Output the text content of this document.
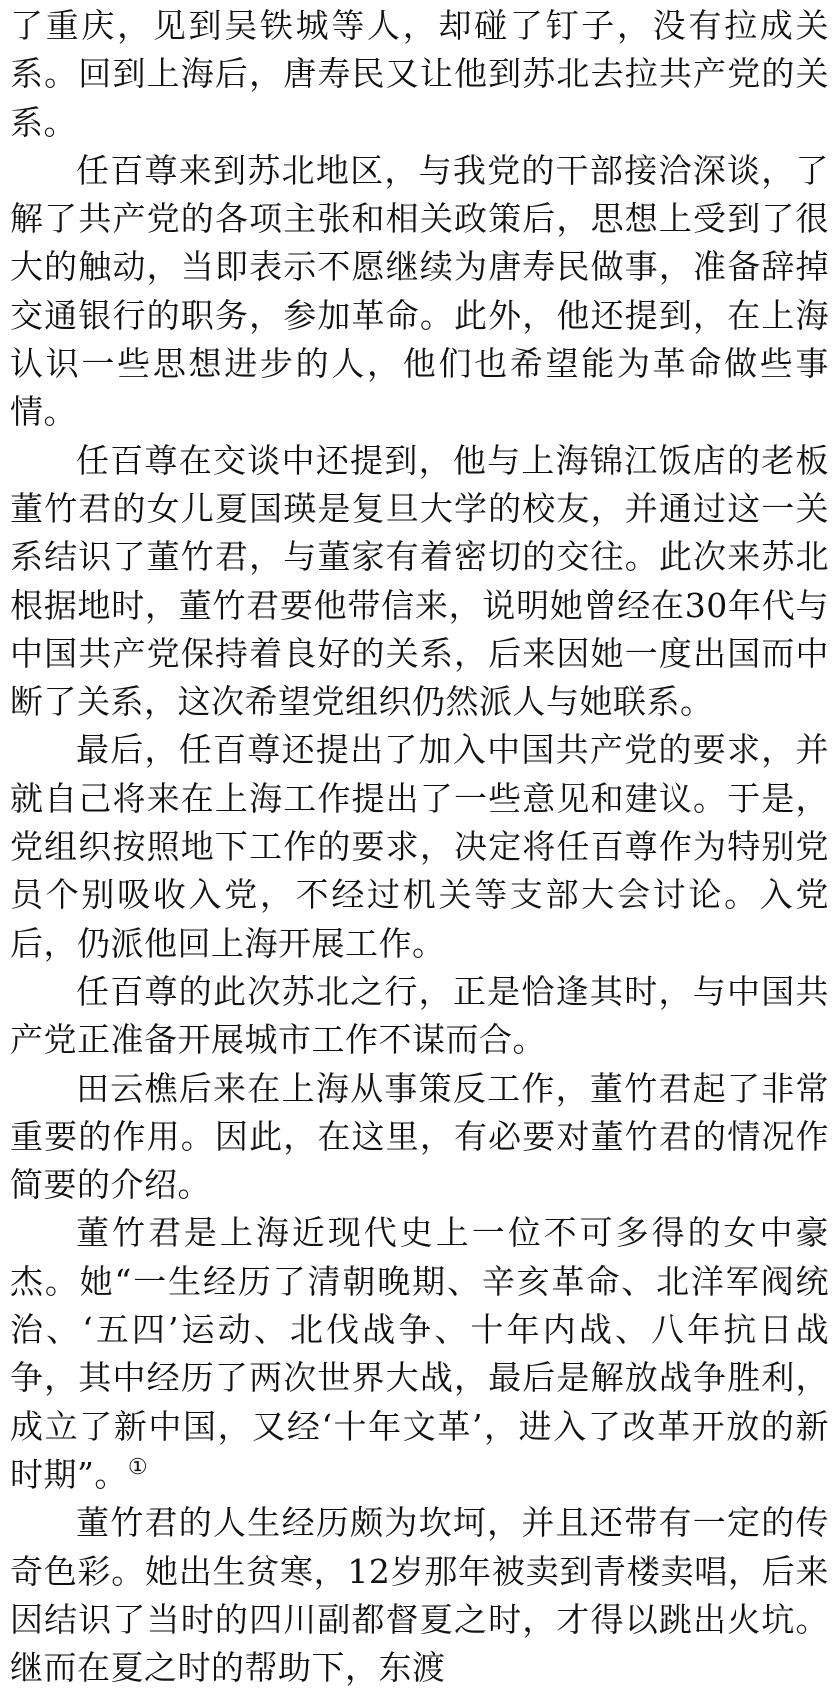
了重庆，见到吴铁城等人，却碰了钉子，没有拉成关系。回到上海后，唐寿民又让他到苏北去拉共产党的关系。

任百尊来到苏北地区，与我党的干部接洽深谈，了解了共产党的各项主张和相关政策后，思想上受到了很大的触动，当即表示不愿继续为唐寿民做事，准备辞掉交通银行的职务，参加革命。此外，他还提到，在上海认识一些思想进步的人，他们也希望能为革命做些事情。

任百尊在交谈中还提到，他与上海锦江饭店的老板董竹君的女儿夏国瑛是复旦大学的校友，并通过这一关系结识了董竹君，与董家有着密切的交往。此次来苏北根据地时，董竹君要他带信来，说明她曾经在30年代与中国共产党保持着良好的关系，后来因她一度出国而中断了关系，这次希望党组织仍然派人与她联系。

最后，任百尊还提出了加入中国共产党的要求，并就自己将来在上海工作提出了一些意见和建议。于是，党组织按照地下工作的要求，决定将任百尊作为特别党员个别吸收入党，不经过机关等支部大会讨论。入党后，仍派他回上海开展工作。

任百尊的此次苏北之行，正是恰逢其时，与中国共产党正准备开展城市工作不谋而合。

田云樵后来在上海从事策反工作，董竹君起了非常重要的作用。因此，在这里，有必要对董竹君的情况作简要的介绍。

董竹君是上海近现代史上一位不可多得的女中豪杰。她“一生经历了清朝晚期、辛亥革命、北洋军阀统治、‘五四’运动、北伐战争、十年内战、八年抗日战争，其中经历了两次世界大战，最后是解放战争胜利，成立了新中国，又经‘十年文革’，进入了改革开放的新时期”。①

董竹君的人生经历颇为坎坷，并且还带有一定的传奇色彩。她出生贫寒，12岁那年被卖到青楼卖唱，后来因结识了当时的四川副都督夏之时，才得以跳出火坑。继而在夏之时的帮助下，东渡
